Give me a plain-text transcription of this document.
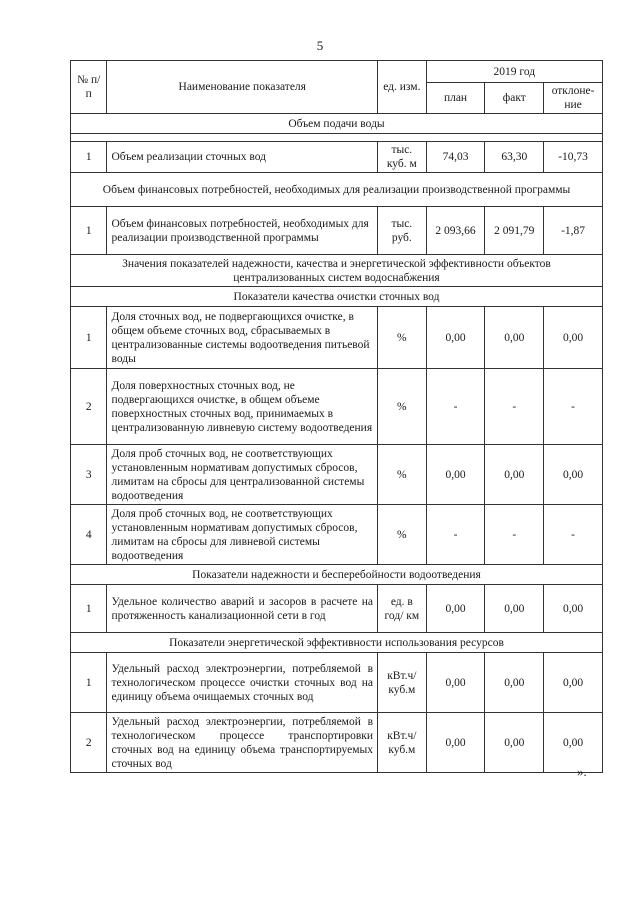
5
№ п/п	Наименование показателя	ед. изм.	2019 год		
			план	факт	отклоне-ние
Объем подачи воды					

1	Объем реализации сточных вод	тыс. куб. м	74,03	63,30	-10,73
Объем финансовых потребностей, необходимых для реализации производственной программы					
1	Объем финансовых потребностей, необходимых для реализации производственной программы	тыс. руб.	2 093,66	2 091,79	-1,87
Значения показателей надежности, качества и энергетической эффективности объектов централизованных систем водоснабжения					
Показатели качества очистки сточных вод					
1	Доля сточных вод, не подвергающихся очистке, в общем объеме сточных вод, сбрасываемых в централизованные системы водоотведения питьевой воды	%	0,00	0,00	0,00
2	Доля поверхностных сточных вод, не подвергающихся очистке, в общем объеме поверхностных сточных вод, принимаемых в централизованную ливневую систему водоотведения	%	-	-	-
3	Доля проб сточных вод, не соответствующих установленным нормативам допустимых сбросов, лимитам на сбросы для централизованной системы водоотведения	%	0,00	0,00	0,00
4	Доля проб сточных вод, не соответствующих установленным нормативам допустимых сбросов, лимитам на сбросы для ливневой системы водоотведения	%	-	-	-
Показатели надежности и бесперебойности водоотведения					
1	Удельное количество аварий и засоров в расчете на протяженность канализационной сети в год	ед. в год/ км	0,00	0,00	0,00
Показатели энергетической эффективности использования ресурсов					
1	Удельный расход электроэнергии, потребляемой в технологическом процессе очистки сточных вод на единицу объема очищаемых сточных вод	кВт.ч/ куб.м	0,00	0,00	0,00
2	Удельный расход электроэнергии, потребляемой в технологическом процессе транспортировки сточных вод на единицу объема транспортируемых сточных вод	кВт.ч/ куб.м	0,00	0,00	0,00
».
